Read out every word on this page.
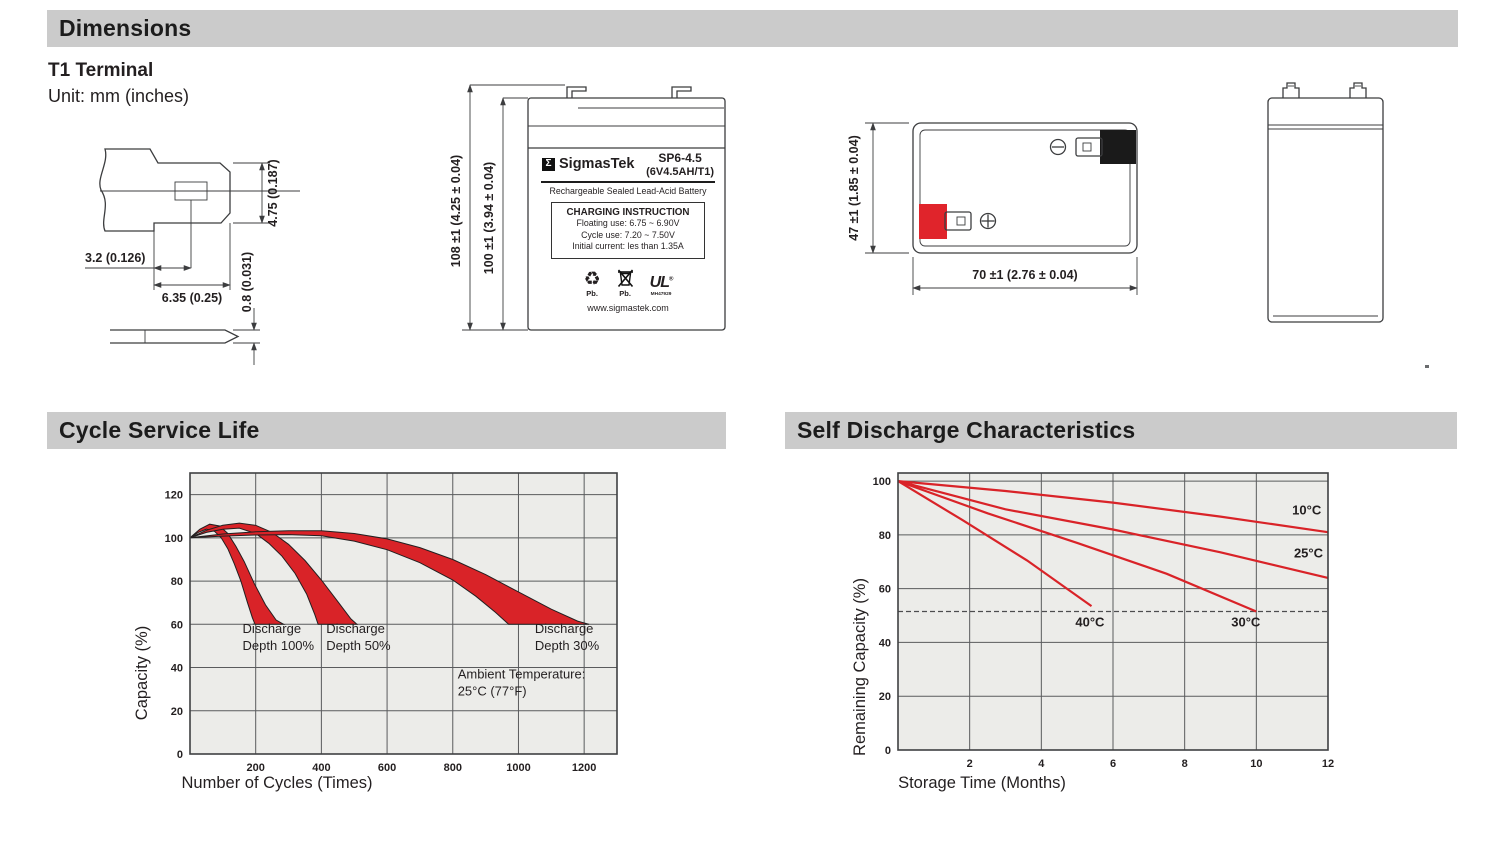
Dimensions
T1 Terminal
Unit: mm (inches)
3.2 (0.126)
6.35 (0.25)
4.75 (0.187)
0.8 (0.031)
108 ±1 (4.25 ± 0.04) 100 ±1 (3.94 ± 0.04)	Σ SigmasTek	SP6-4.5
(6V4.5AH/T1)
Rechargeable Sealed Lead-Acid Battery
CHARGING INSTRUCTION
Floating use: 6.75 ~ 6.90V
Cycle use: 7.20 ~ 7.50V
Initial current: les than 1.35A
♻
Pb.	Pb.
UL®
MH47929
www.sigmastek.com
47 ±1 (1.85 ± 0.04)
70 ±1 (2.76 ± 0.04)
Cycle Service Life	Self Discharge Characteristics
200	400	600	800	1000	1200
0
20
40
60
80
100
120
Discharge Depth 100%
Discharge Depth 50%
Discharge Depth 30%
Ambient Temperature: 25°C (77°F)
Capacity (%)
Number of Cycles (Times)
2	4	6	8	10	12
0
20
40
60
80
100
10°C
25°C
30°C
40°C
Remaining Capacity (%)
Storage Time (Months)
